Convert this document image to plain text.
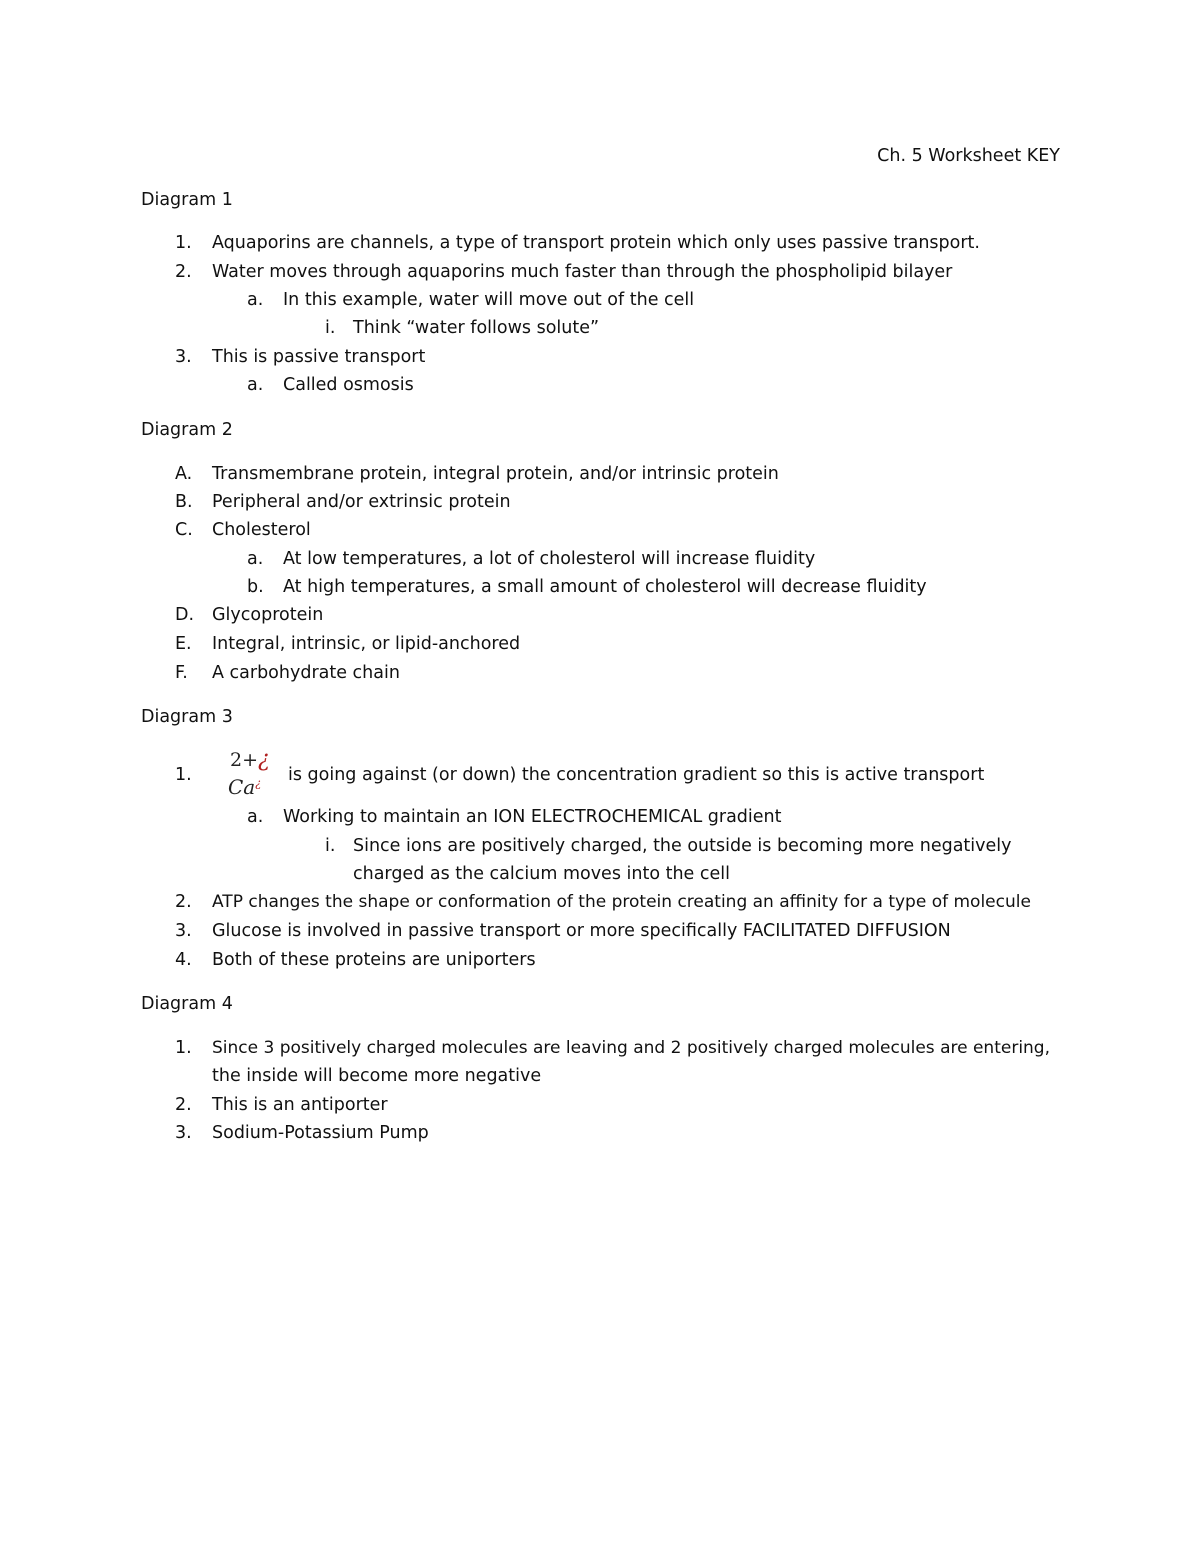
Ch. 5 Worksheet KEY
Diagram 1
1. Aquaporins are channels, a type of transport protein which only uses passive transport.
2. Water moves through aquaporins much faster than through the phospholipid bilayer
a. In this example, water will move out of the cell
i. Think “water follows solute”
3. This is passive transport
a. Called osmosis
Diagram 2
A. Transmembrane protein, integral protein, and/or intrinsic protein
B. Peripheral and/or extrinsic protein
C. Cholesterol
a. At low temperatures, a lot of cholesterol will increase fluidity
b. At high temperatures, a small amount of cholesterol will decrease fluidity
D. Glycoprotein
E. Integral, intrinsic, or lipid-anchored
F. A carbohydrate chain
Diagram 3
1.
2+¿
Ca¿ is going against (or down) the concentration gradient so this is active transport
a. Working to maintain an ION ELECTROCHEMICAL gradient
i. Since ions are positively charged, the outside is becoming more negatively
charged as the calcium moves into the cell
2. ATP changes the shape or conformation of the protein creating an affinity for a type of molecule
3. Glucose is involved in passive transport or more specifically FACILITATED DIFFUSION
4. Both of these proteins are uniporters
Diagram 4
1. Since 3 positively charged molecules are leaving and 2 positively charged molecules are entering,
the inside will become more negative
2. This is an antiporter
3. Sodium-Potassium Pump
